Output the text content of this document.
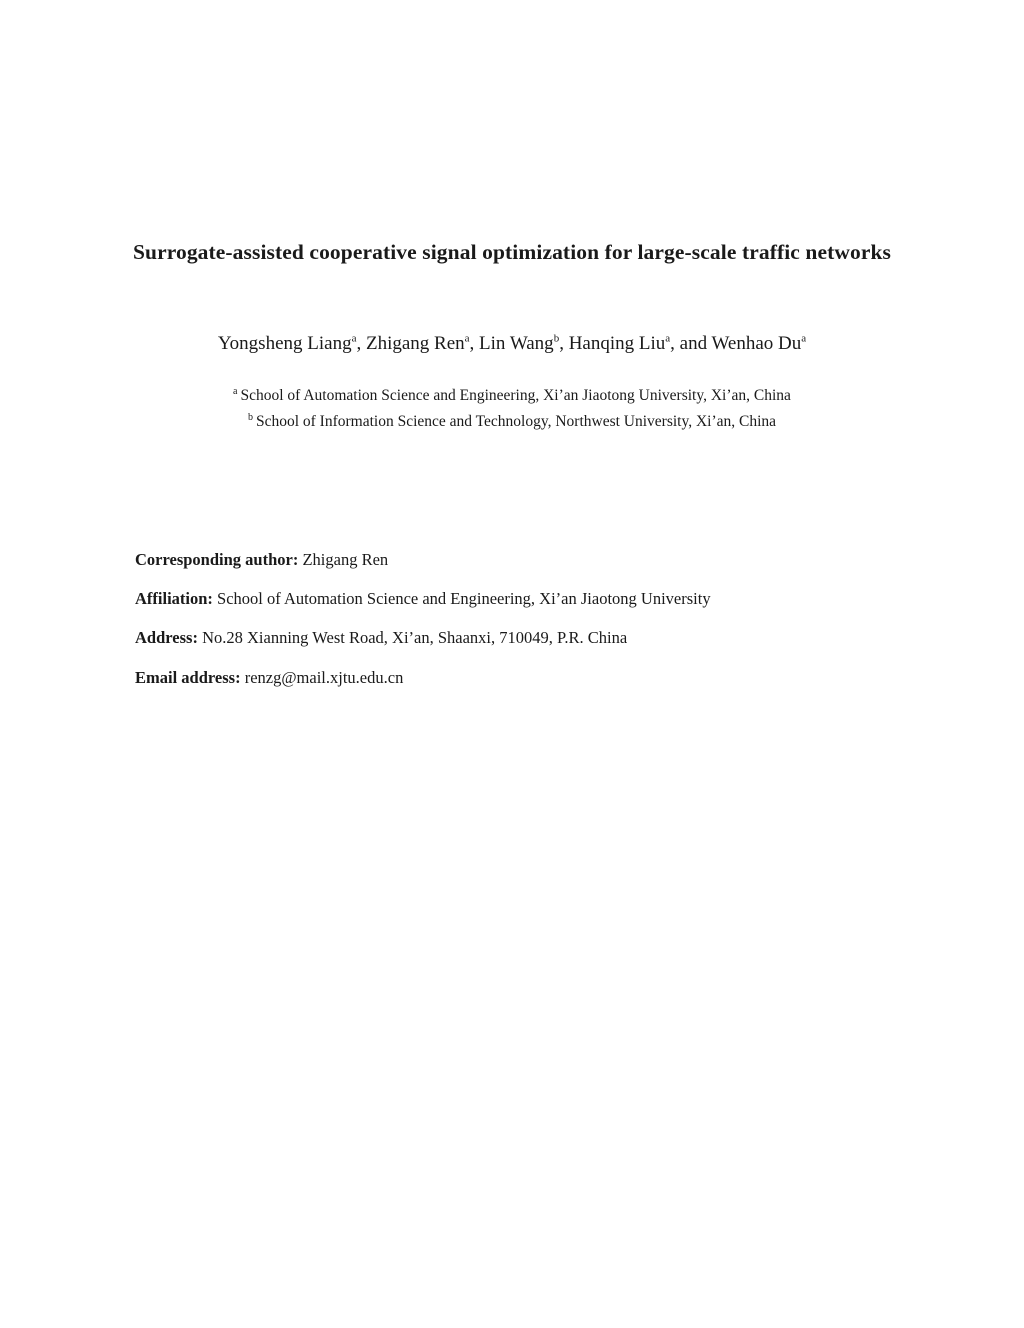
Surrogate-assisted cooperative signal optimization for large-scale traffic networks
Yongsheng Liang$^a$, Zhigang Ren$^a$, Lin Wang$^b$, Hanqing Liu$^a$, and Wenhao Du$^a$
$^a$ School of Automation Science and Engineering, Xi’an Jiaotong University, Xi’an, China
$^b$ School of Information Science and Technology, Northwest University, Xi’an, China
Corresponding author: Zhigang Ren
Affiliation: School of Automation Science and Engineering, Xi’an Jiaotong University
Address: No.28 Xianning West Road, Xi’an, Shaanxi, 710049, P.R. China
Email address: renzg@mail.xjtu.edu.cn
